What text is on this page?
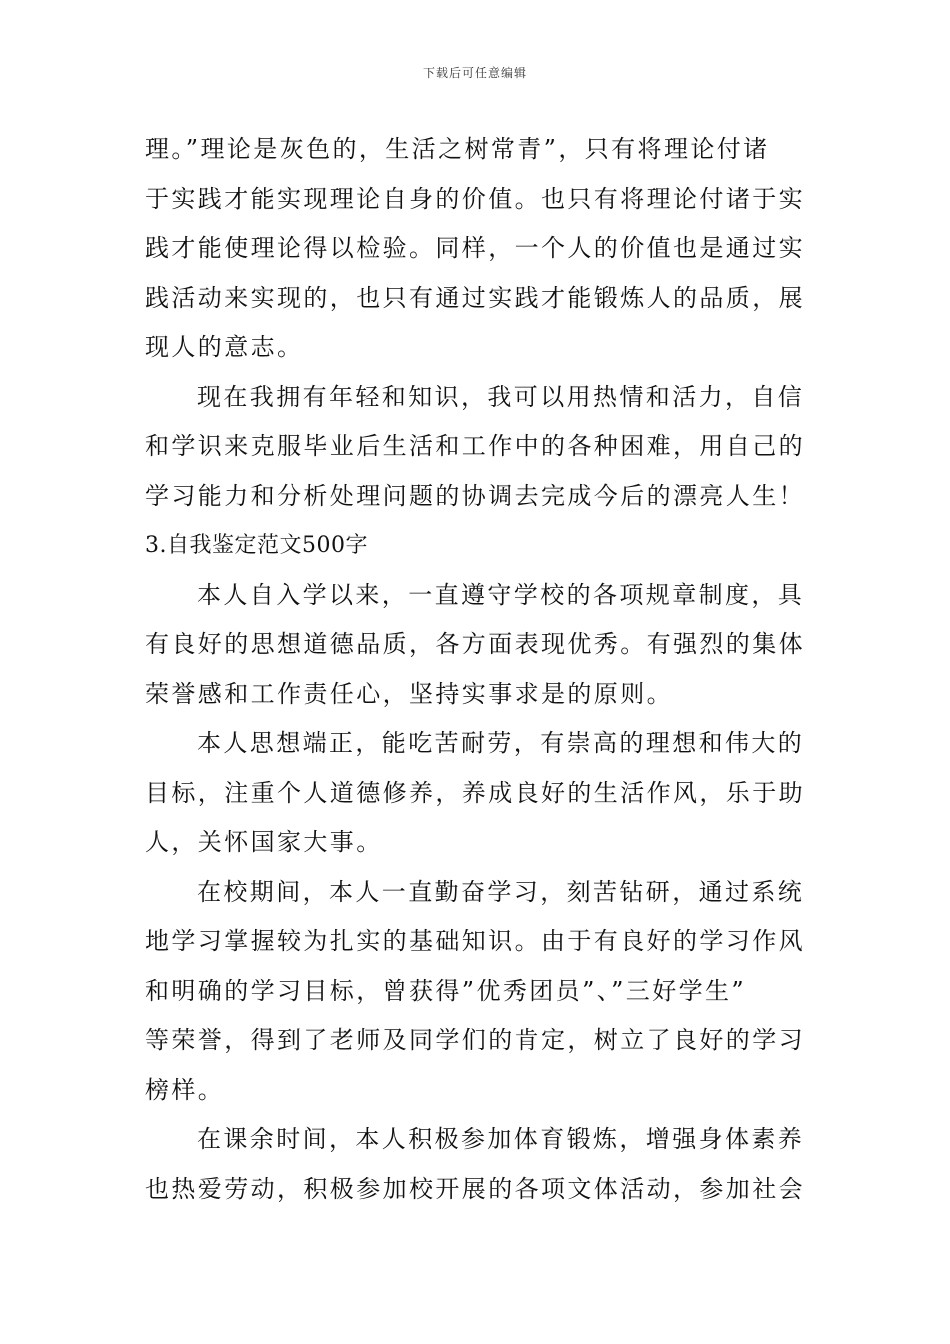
下载后可任意编辑
理。”理论是灰色的，生活之树常青”，只有将理论付诸
于实践才能实现理论自身的价值。也只有将理论付诸于实
践才能使理论得以检验。同样，一个人的价值也是通过实
践活动来实现的，也只有通过实践才能锻炼人的品质，展
现人的意志。
现在我拥有年轻和知识，我可以用热情和活力，自信
和学识来克服毕业后生活和工作中的各种困难，用自己的
学习能力和分析处理问题的协调去完成今后的漂亮人生！
3.自我鉴定范文500字
本人自入学以来，一直遵守学校的各项规章制度，具
有良好的思想道德品质，各方面表现优秀。有强烈的集体
荣誉感和工作责任心，坚持实事求是的原则。
本人思想端正，能吃苦耐劳，有崇高的理想和伟大的
目标，注重个人道德修养，养成良好的生活作风，乐于助
人，关怀国家大事。
在校期间，本人一直勤奋学习，刻苦钻研，通过系统
地学习掌握较为扎实的基础知识。由于有良好的学习作风
和明确的学习目标，曾获得”优秀团员”、”三好学生”
等荣誉，得到了老师及同学们的肯定，树立了良好的学习
榜样。
在课余时间，本人积极参加体育锻炼，增强身体素养
也热爱劳动，积极参加校开展的各项文体活动，参加社会
